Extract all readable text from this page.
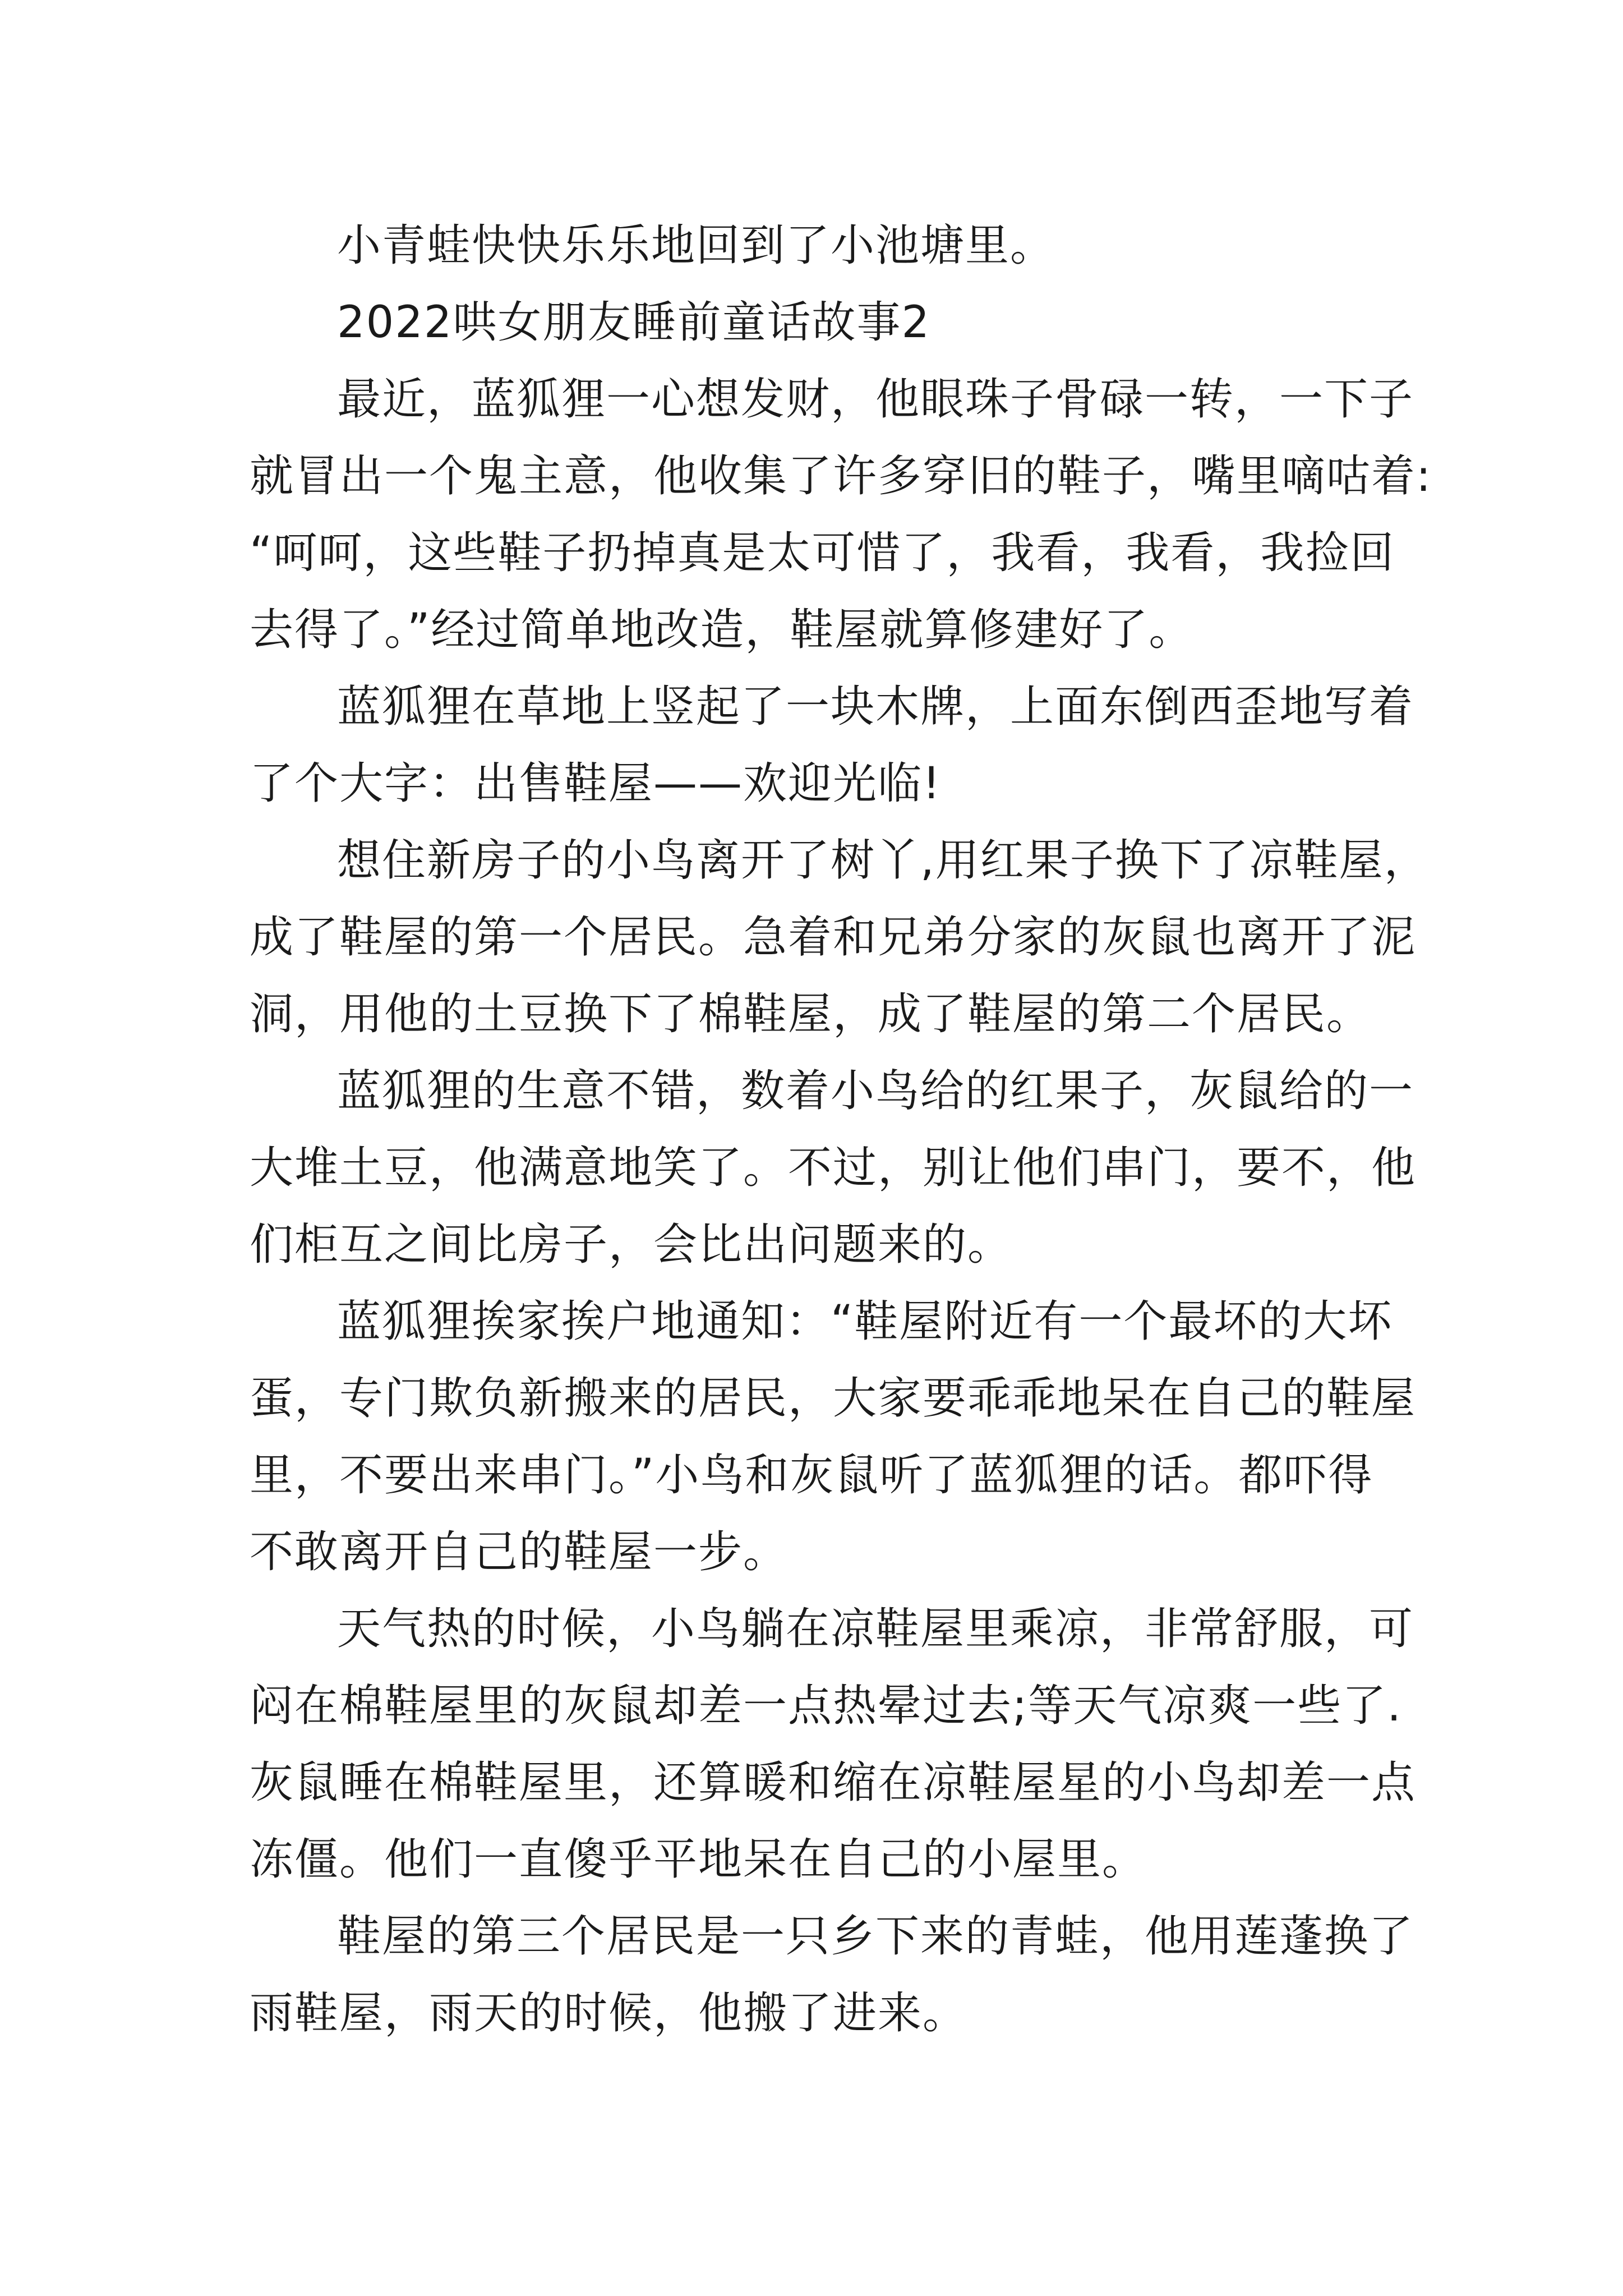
小青蛙快快乐乐地回到了小池塘里。
2022哄女朋友睡前童话故事2
最近，蓝狐狸一心想发财，他眼珠子骨碌一转，一下子
就冒出一个鬼主意，他收集了许多穿旧的鞋子，嘴里嘀咕着:
“呵呵，这些鞋子扔掉真是太可惜了，我看，我看，我捡回
去得了。”经过简单地改造，鞋屋就算修建好了。
蓝狐狸在草地上竖起了一块木牌，上面东倒西歪地写着
了个大字：出售鞋屋——欢迎光临!
想住新房子的小鸟离开了树丫,用红果子换下了凉鞋屋，
成了鞋屋的第一个居民。急着和兄弟分家的灰鼠也离开了泥
洞，用他的土豆换下了棉鞋屋，成了鞋屋的第二个居民。
蓝狐狸的生意不错，数着小鸟给的红果子，灰鼠给的一
大堆土豆，他满意地笑了。不过，别让他们串门，要不，他
们柜互之间比房子，会比出问题来的。
蓝狐狸挨家挨户地通知：“鞋屋附近有一个最坏的大坏
蛋，专门欺负新搬来的居民，大家要乖乖地呆在自己的鞋屋
里，不要出来串门。”小鸟和灰鼠听了蓝狐狸的话。都吓得
不敢离开自己的鞋屋一步。
天气热的时候，小鸟躺在凉鞋屋里乘凉，非常舒服，可
闷在棉鞋屋里的灰鼠却差一点热晕过去;等天气凉爽一些了.
灰鼠睡在棉鞋屋里，还算暖和缩在凉鞋屋星的小鸟却差一点
冻僵。他们一直傻乎平地呆在自己的小屋里。
鞋屋的第三个居民是一只乡下来的青蛙，他用莲蓬换了
雨鞋屋，雨天的时候，他搬了进来。
